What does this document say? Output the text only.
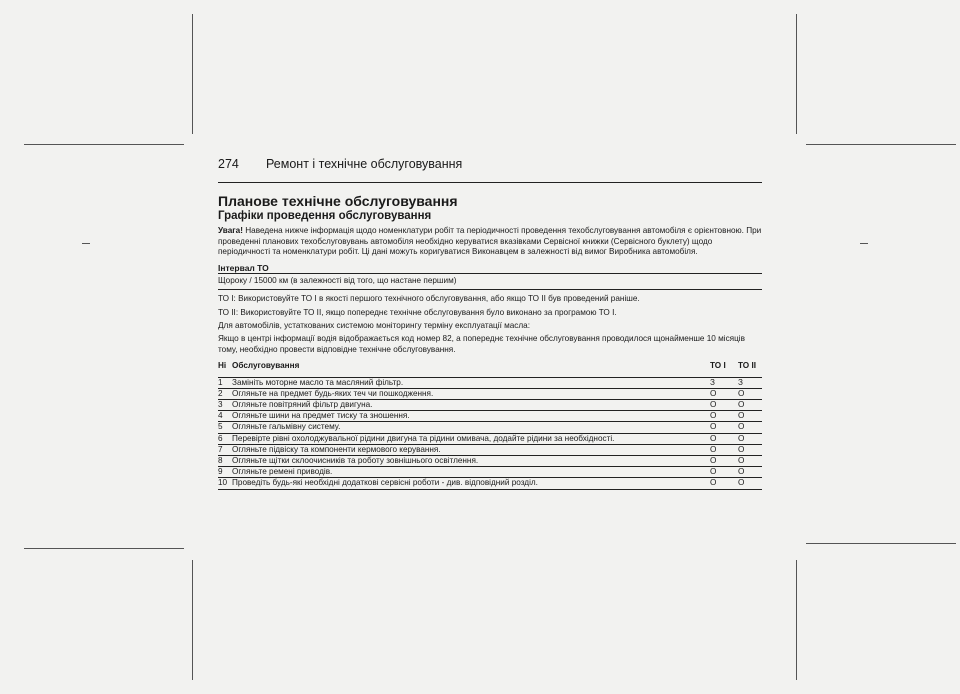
274	Ремонт і технічне обслуговування
Планове технічне обслуговування
Графіки проведення обслуговування

Увага! Наведена нижче інформація щодо номенклатури робіт та періодичності проведення техобслуговування автомобіля є орієнтовною. При проведенні планових техобслуговувань автомобіля необхідно керуватися вказівками Сервісної книжки (Сервісного буклету) щодо періодичності та номенклатури робіт. Ці дані можуть коригуватися Виконавцем в залежності від вимог Виробника автомобіля.

Інтервал ТО
Щороку / 15000 км (в залежності від того, що настане першим)

ТО I: Використовуйте ТО I в якості першого технічного обслуговування, або якщо ТО II був проведений раніше.

ТО II: Використовуйте ТО II, якщо попереднє технічне обслуговування було виконано за програмою ТО I.

Для автомобілів, устаткованих системою моніторингу терміну експлуатації масла:

Якщо в центрі інформації водія відображається код номер 82, а попереднє технічне обслуговування проводилося щонайменше 10 місяців тому, необхідно провести відповідне технічне обслуговування.

Ні	Обслуговування	ТО I	ТО II
1	Замініть моторне масло та масляний фільтр.	З	З
2	Огляньте на предмет будь-яких теч чи пошкодження.	О	О
3	Огляньте повітряний фільтр двигуна.	О	О
4	Огляньте шини на предмет тиску та зношення.	О	О
5	Огляньте гальмівну систему.	О	О
6	Перевірте рівні охолоджувальної рідини двигуна та рідини омивача, додайте рідини за необхідності.	О	О
7	Огляньте підвіску та компоненти кермового керування.	О	О
8	Огляньте щітки склоочисників та роботу зовнішнього освітлення.	О	О
9	Огляньте ремені приводів.	О	О
10	Проведіть будь-які необхідні додаткові сервісні роботи - див. відповідний розділ.	О	О
